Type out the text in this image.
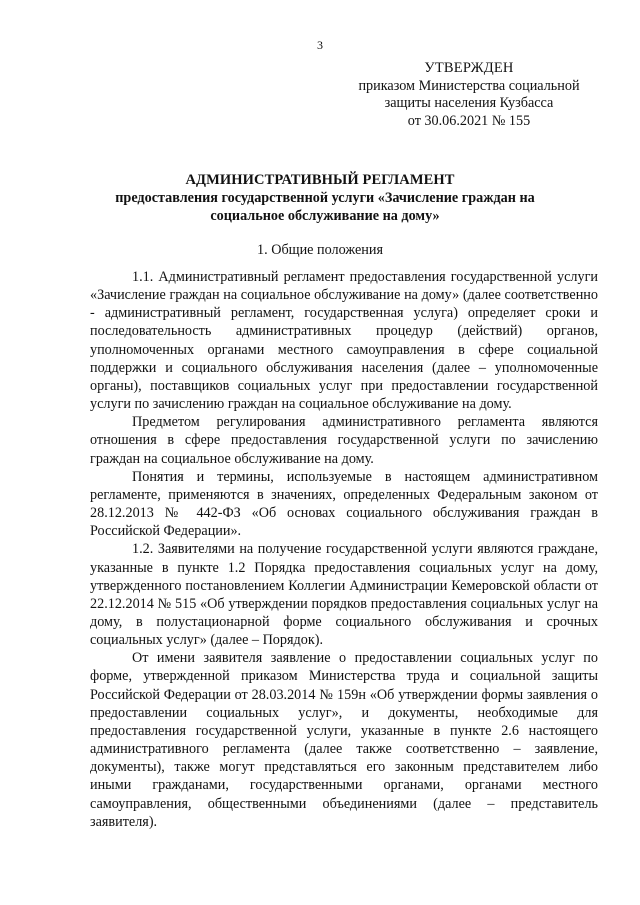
3
УТВЕРЖДЕН
приказом Министерства социальной
защиты населения Кузбасса
от 30.06.2021 № 155
АДМИНИСТРАТИВНЫЙ РЕГЛАМЕНТ
предоставления государственной услуги «Зачисление граждан на социальное обслуживание на дому»
1. Общие положения

1.1. Административный регламент предоставления государственной услуги «Зачисление граждан на социальное обслуживание на дому» (далее соответственно - административный регламент, государственная услуга) определяет сроки и последовательность административных процедур (действий) органов, уполномоченных органами местного самоуправления в сфере социальной поддержки и социального обслуживания населения (далее – уполномоченные органы), поставщиков социальных услуг при предоставлении государственной услуги по зачислению граждан на социальное обслуживание на дому.

Предметом регулирования административного регламента являются отношения в сфере предоставления государственной услуги по зачислению граждан на социальное обслуживание на дому.

Понятия и термины, используемые в настоящем административном регламенте, применяются в значениях, определенных Федеральным законом от 28.12.2013 № 442-ФЗ «Об основах социального обслуживания граждан в Российской Федерации».

1.2. Заявителями на получение государственной услуги являются граждане, указанные в пункте 1.2 Порядка предоставления социальных услуг на дому, утвержденного постановлением Коллегии Администрации Кемеровской области от 22.12.2014 № 515 «Об утверждении порядков предоставления социальных услуг на дому, в полустационарной форме социального обслуживания и срочных социальных услуг» (далее – Порядок).

От имени заявителя заявление о предоставлении социальных услуг по форме, утвержденной приказом Министерства труда и социальной защиты Российской Федерации от 28.03.2014 № 159н «Об утверждении формы заявления о предоставлении социальных услуг», и документы, необходимые для предоставления государственной услуги, указанные в пункте 2.6 настоящего административного регламента (далее также соответственно – заявление, документы), также могут представляться его законным представителем либо иными гражданами, государственными органами, органами местного самоуправления, общественными объединениями (далее – представитель заявителя).
